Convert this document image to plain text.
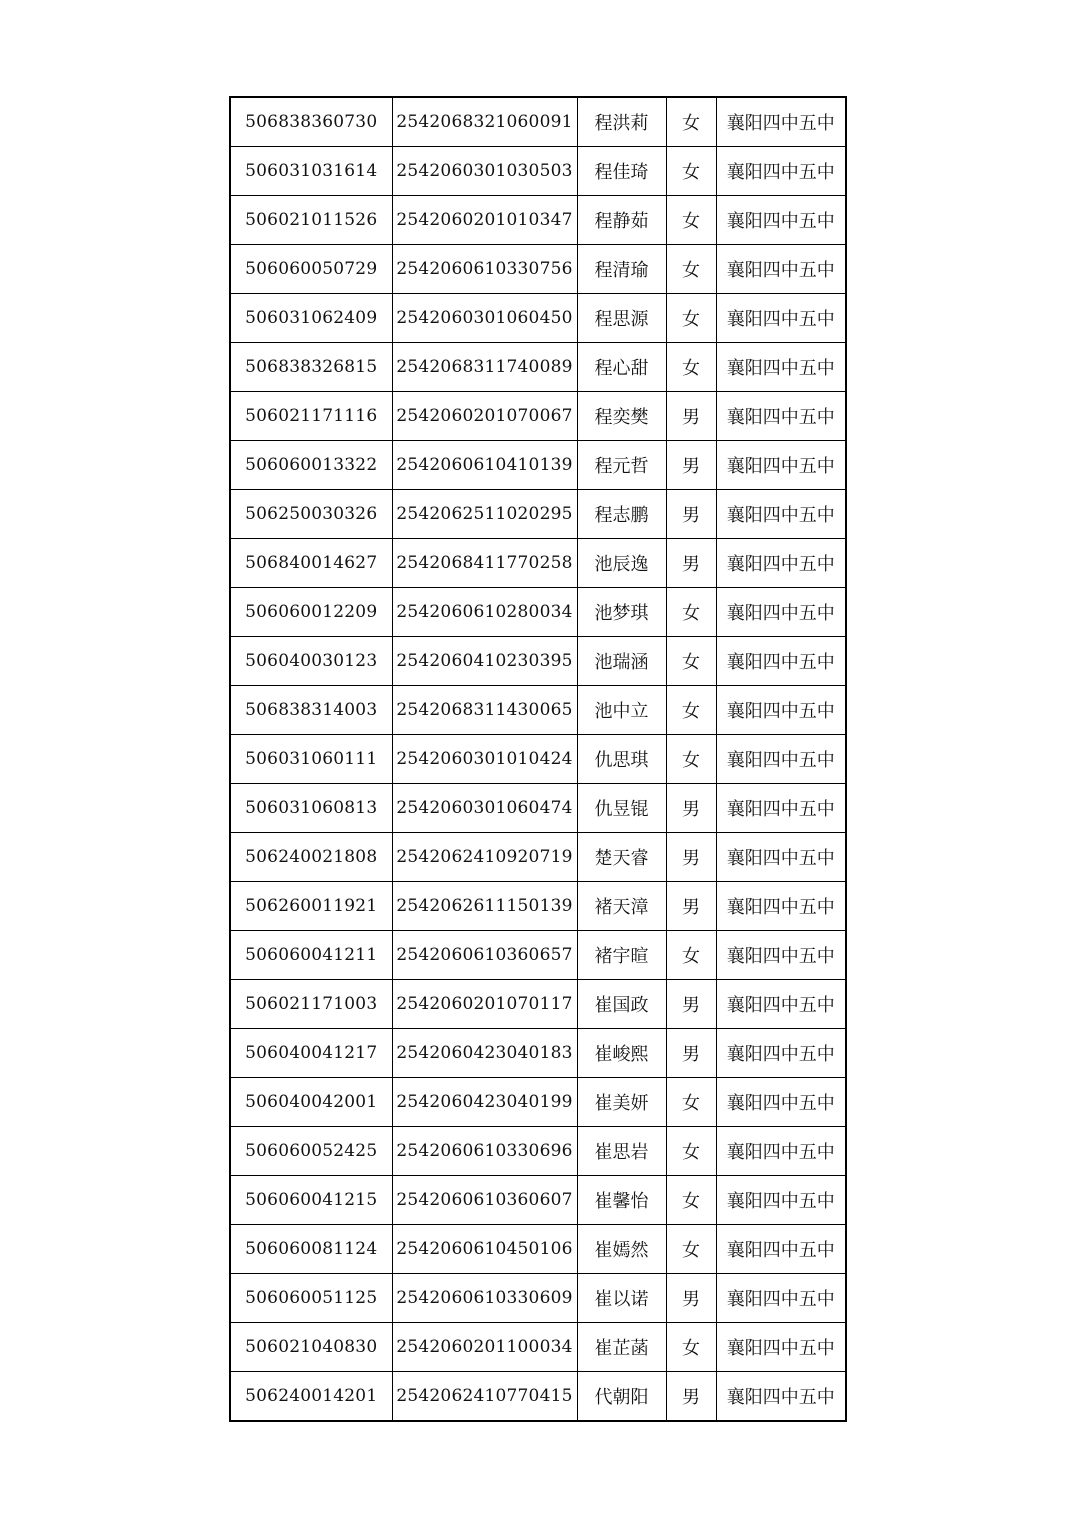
506838360730	2542068321060091	程洪莉	女	襄阳四中五中
506031031614	2542060301030503	程佳琦	女	襄阳四中五中
506021011526	2542060201010347	程静茹	女	襄阳四中五中
506060050729	2542060610330756	程清瑜	女	襄阳四中五中
506031062409	2542060301060450	程思源	女	襄阳四中五中
506838326815	2542068311740089	程心甜	女	襄阳四中五中
506021171116	2542060201070067	程奕樊	男	襄阳四中五中
506060013322	2542060610410139	程元哲	男	襄阳四中五中
506250030326	2542062511020295	程志鹏	男	襄阳四中五中
506840014627	2542068411770258	池辰逸	男	襄阳四中五中
506060012209	2542060610280034	池梦琪	女	襄阳四中五中
506040030123	2542060410230395	池瑞涵	女	襄阳四中五中
506838314003	2542068311430065	池中立	女	襄阳四中五中
506031060111	2542060301010424	仇思琪	女	襄阳四中五中
506031060813	2542060301060474	仇昱锟	男	襄阳四中五中
506240021808	2542062410920719	楚天睿	男	襄阳四中五中
506260011921	2542062611150139	褚天漳	男	襄阳四中五中
506060041211	2542060610360657	褚宇暄	女	襄阳四中五中
506021171003	2542060201070117	崔国政	男	襄阳四中五中
506040041217	2542060423040183	崔峻熙	男	襄阳四中五中
506040042001	2542060423040199	崔美妍	女	襄阳四中五中
506060052425	2542060610330696	崔思岩	女	襄阳四中五中
506060041215	2542060610360607	崔馨怡	女	襄阳四中五中
506060081124	2542060610450106	崔嫣然	女	襄阳四中五中
506060051125	2542060610330609	崔以诺	男	襄阳四中五中
506021040830	2542060201100034	崔芷菡	女	襄阳四中五中
506240014201	2542062410770415	代朝阳	男	襄阳四中五中
